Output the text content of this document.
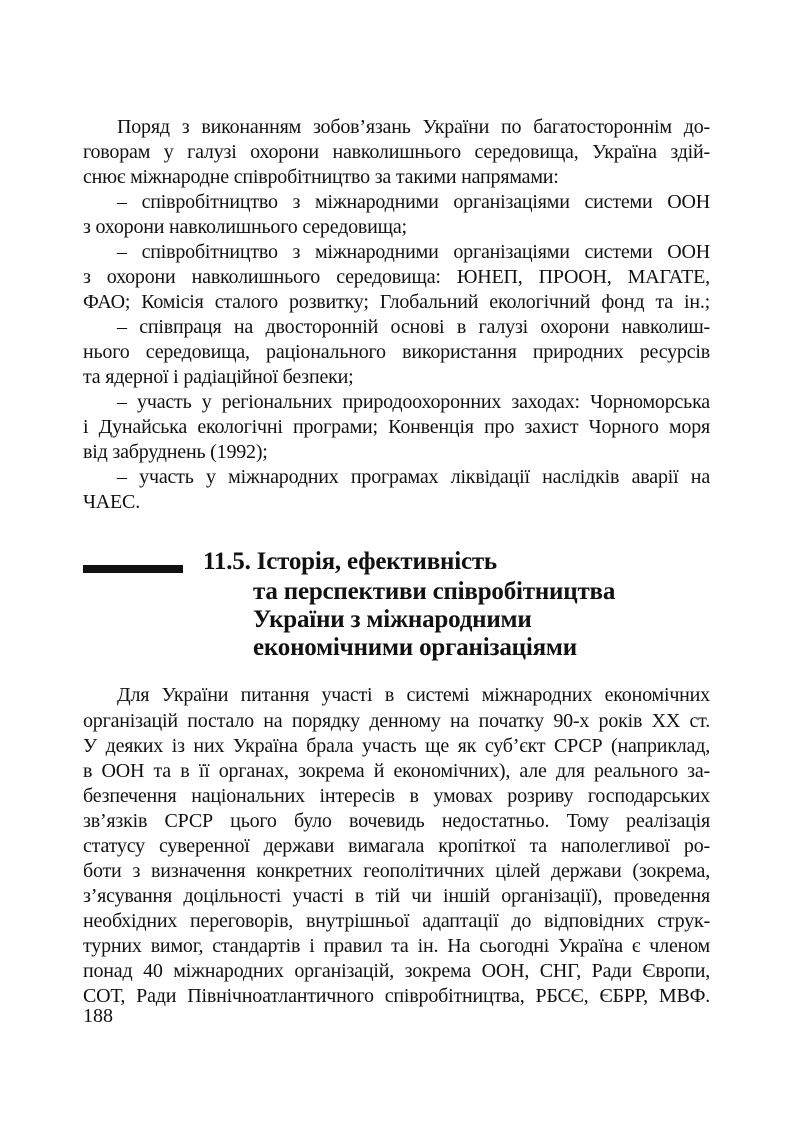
Поряд з виконанням зобов’язань України по багатостороннім до-
говорам у галузі охорони навколишнього середовища, Україна здій-
снює міжнародне співробітництво за такими напрямами:
– співробітництво з міжнародними організаціями системи ООН
з охорони навколишнього середовища;
– співробітництво з міжнародними організаціями системи ООН
з охорони навколишнього середовища: ЮНЕП, ПРООН, МАГАТЕ,
ФАО; Комісія сталого розвитку; Глобальний екологічний фонд та ін.;
– співпраця на двосторонній основі в галузі охорони навколиш-
нього середовища, раціонального використання природних ресурсів
та ядерної і радіаційної безпеки;
– участь у регіональних природоохоронних заходах: Чорноморська
і Дунайська екологічні програми; Конвенція про захист Чорного моря
від забруднень (1992);
– участь у міжнародних програмах ліквідації наслідків аварії на
ЧАЕС.
11.5. Історія, ефективність
та перспективи співробітництва
України з міжнародними
економічними організаціями
Для України питання участі в системі міжнародних економічних
організацій постало на порядку денному на початку 90-х років ХХ ст.
У деяких із них Україна брала участь ще як суб’єкт СРСР (наприклад,
в ООН та в її органах, зокрема й економічних), але для реального за-
безпечення національних інтересів в умовах розриву господарських
зв’язків СРСР цього було вочевидь недостатньо. Тому реалізація
статусу суверенної держави вимагала кропіткої та наполегливої ро-
боти з визначення конкретних геополітичних цілей держави (зокрема,
з’ясування доцільності участі в тій чи іншій організації), проведення
необхідних переговорів, внутрішньої адаптації до відповідних струк-
турних вимог, стандартів і правил та ін. На сьогодні Україна є членом
понад 40 міжнародних організацій, зокрема ООН, СНГ, Ради Європи,
СОТ, Ради Північноатлантичного співробітництва, РБСЄ, ЄБРР, МВФ.
188
